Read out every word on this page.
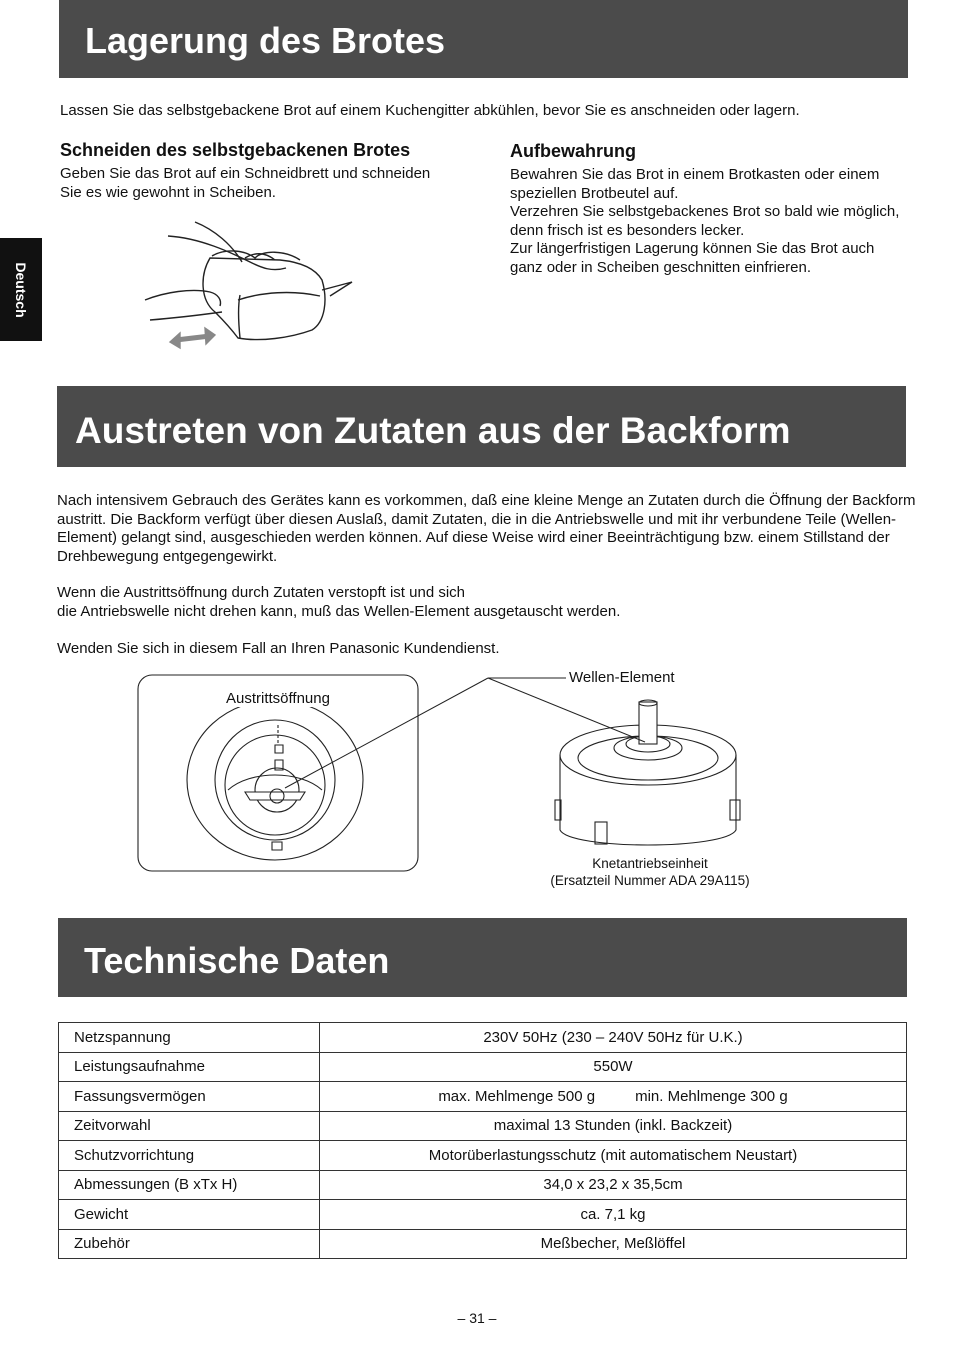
Deutsch
Lagerung des Brotes

Lassen Sie das selbstgebackene Brot auf einem Kuchengitter abkühlen, bevor Sie es anschneiden oder lagern.

Schneiden des selbstgebackenen Brotes

Geben Sie das Brot auf ein Schneidbrett und schneiden Sie es wie gewohnt in Scheiben.

Aufbewahrung

Bewahren Sie das Brot in einem Brotkasten oder einem speziellen Brotbeutel auf.
Verzehren Sie selbstgebackenes Brot so bald wie möglich, denn frisch ist es besonders lecker.
Zur längerfristigen Lagerung können Sie das Brot auch ganz oder in Scheiben geschnitten einfrieren.
Austreten von Zutaten aus der Backform

Nach intensivem Gebrauch des Gerätes kann es vorkommen, daß eine kleine Menge an Zutaten durch die Öffnung der Backform austritt. Die Backform verfügt über diesen Auslaß, damit Zutaten, die in die Antriebswelle und mit ihr verbundene Teile (Wellen-Element) gelangt sind, ausgeschieden werden können. Auf diese Weise wird einer Beeinträchtigung bzw. einem Stillstand der Drehbewegung entgegengewirkt.

Wenn die Austrittsöffnung durch Zutaten verstopft ist und sich
die Antriebswelle nicht drehen kann, muß das Wellen-Element ausgetauscht werden.

Wenden Sie sich in diesem Fall an Ihren Panasonic Kundendienst.

Austrittsöffnung
Wellen-Element
Knetantriebseinheit
(Ersatzteil Nummer ADA 29A115)
Technische Daten
Netzspannung	230V 50Hz (230 – 240V 50Hz für U.K.)
Leistungsaufnahme	550W
Fassungsvermögen	max. Mehlmenge 500 g min. Mehlmenge 300 g
Zeitvorwahl	maximal 13 Stunden (inkl. Backzeit)
Schutzvorrichtung	Motorüberlastungsschutz (mit automatischem Neustart)
Abmessungen (B xTx H)	34,0 x 23,2 x 35,5cm
Gewicht	ca. 7,1 kg
Zubehör	Meßbecher, Meßlöffel
– 31 –
